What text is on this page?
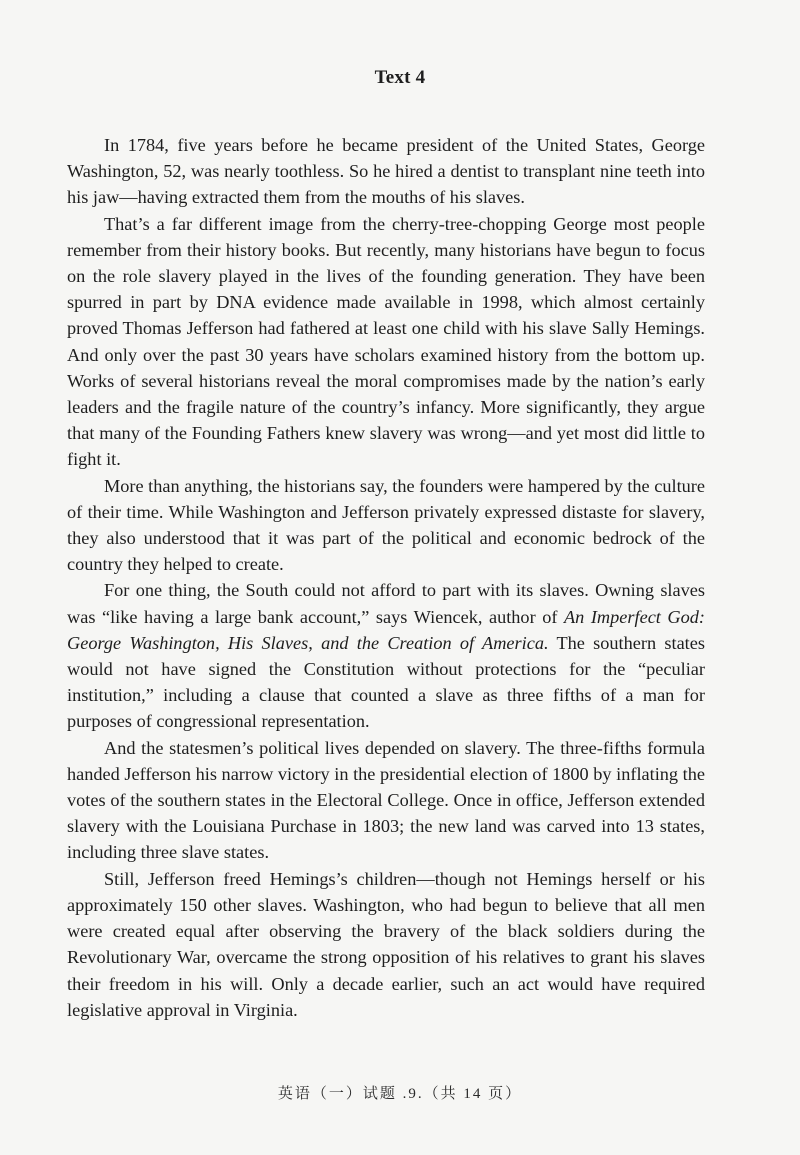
Text 4

In 1784, five years before he became president of the United States, George Washington, 52, was nearly toothless. So he hired a dentist to transplant nine teeth into his jaw—having extracted them from the mouths of his slaves.

That’s a far different image from the cherry-tree-chopping George most people remember from their history books. But recently, many historians have begun to focus on the role slavery played in the lives of the founding generation. They have been spurred in part by DNA evidence made available in 1998, which almost certainly proved Thomas Jefferson had fathered at least one child with his slave Sally Hemings. And only over the past 30 years have scholars examined history from the bottom up. Works of several historians reveal the moral compromises made by the nation’s early leaders and the fragile nature of the country’s infancy. More significantly, they argue that many of the Founding Fathers knew slavery was wrong—and yet most did little to fight it.

More than anything, the historians say, the founders were hampered by the culture of their time. While Washington and Jefferson privately expressed distaste for slavery, they also understood that it was part of the political and economic bedrock of the country they helped to create.

For one thing, the South could not afford to part with its slaves. Owning slaves was “like having a large bank account,” says Wiencek, author of An Imperfect God: George Washington, His Slaves, and the Creation of America. The southern states would not have signed the Constitution without protections for the “peculiar institution,” including a clause that counted a slave as three fifths of a man for purposes of congressional representation.

And the statesmen’s political lives depended on slavery. The three-fifths formula handed Jefferson his narrow victory in the presidential election of 1800 by inflating the votes of the southern states in the Electoral College. Once in office, Jefferson extended slavery with the Louisiana Purchase in 1803; the new land was carved into 13 states, including three slave states.

Still, Jefferson freed Hemings’s children—though not Hemings herself or his approximately 150 other slaves. Washington, who had begun to believe that all men were created equal after observing the bravery of the black soldiers during the Revolutionary War, overcame the strong opposition of his relatives to grant his slaves their freedom in his will. Only a decade earlier, such an act would have required legislative approval in Virginia.

英语（一）试题 .9.（共 14 页）
